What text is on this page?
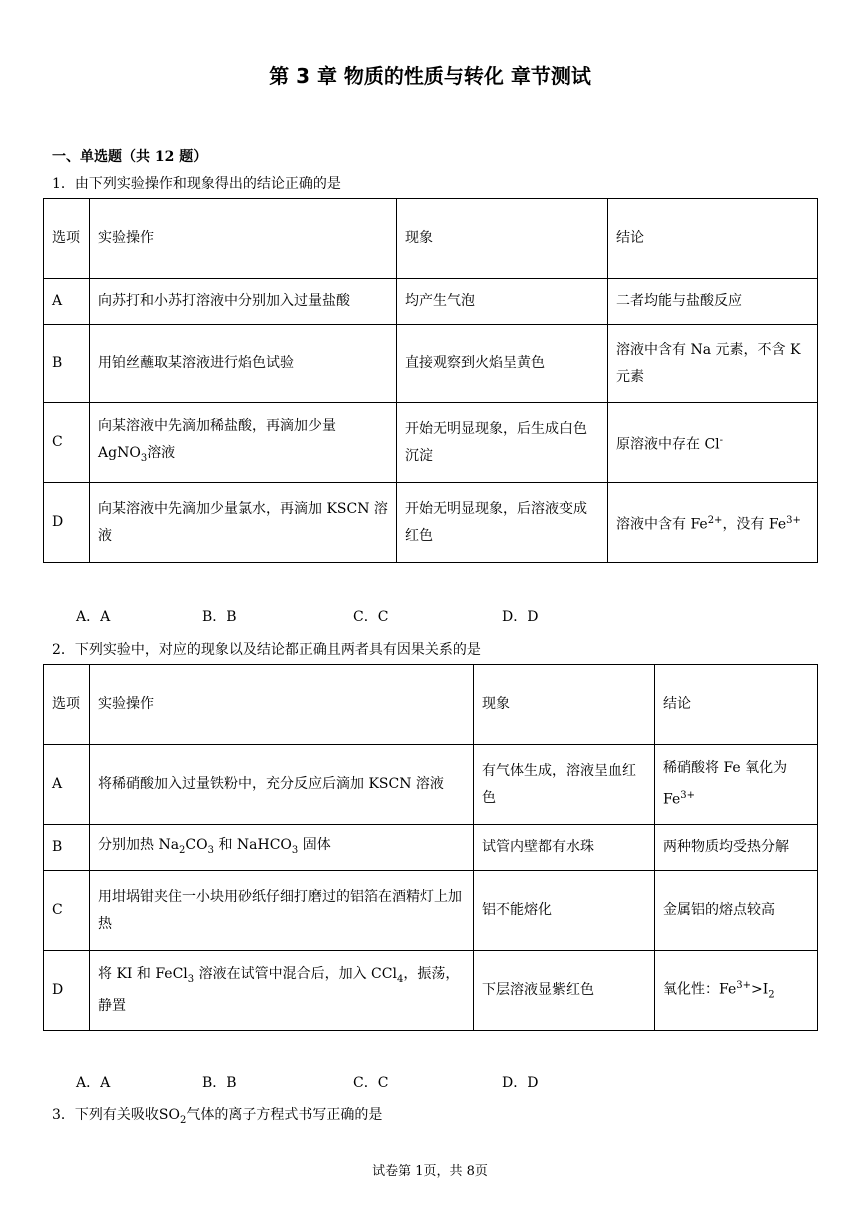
第 3 章 物质的性质与转化 章节测试
一、单选题（共 12 题）
1．由下列实验操作和现象得出的结论正确的是
选项	实验操作	现象	结论
A	向苏打和小苏打溶液中分别加入过量盐酸	均产生气泡	二者均能与盐酸反应
B	用铂丝蘸取某溶液进行焰色试验	直接观察到火焰呈黄色	溶液中含有 Na 元素，不含 K 元素
C	向某溶液中先滴加稀盐酸，再滴加少量 AgNO$_3$溶液	开始无明显现象，后生成白色沉淀	原溶液中存在 Cl-
D	向某溶液中先滴加少量氯水，再滴加 KSCN 溶液	开始无明显现象，后溶液变成红色	溶液中含有 $Fe^{2+}$，没有 $Fe^{3+}$
A．A	B．B	C．C	D．D
2．下列实验中，对应的现象以及结论都正确且两者具有因果关系的是
选项	实验操作	现象	结论
A	将稀硝酸加入过量铁粉中，充分反应后滴加 KSCN 溶液	有气体生成，溶液呈血红色	稀硝酸将 Fe 氧化为 $Fe^{3+}$
B	分别加热 $Na_2CO_3$ 和 NaHCO$_3$ 固体	试管内壁都有水珠	两种物质均受热分解
C	用坩埚钳夹住一小块用砂纸仔细打磨过的铝箔在酒精灯上加热	铝不能熔化	金属铝的熔点较高
D	将 KI 和 FeCl$_3$ 溶液在试管中混合后，加入 CCl$_4$，振荡，静置	下层溶液显紫红色	氧化性：$Fe^{3+}>I_2$
A．A	B．B	C．C	D．D
3．下列有关吸收$SO_2$气体的离子方程式书写正确的是
试卷第 1页，共 8页
